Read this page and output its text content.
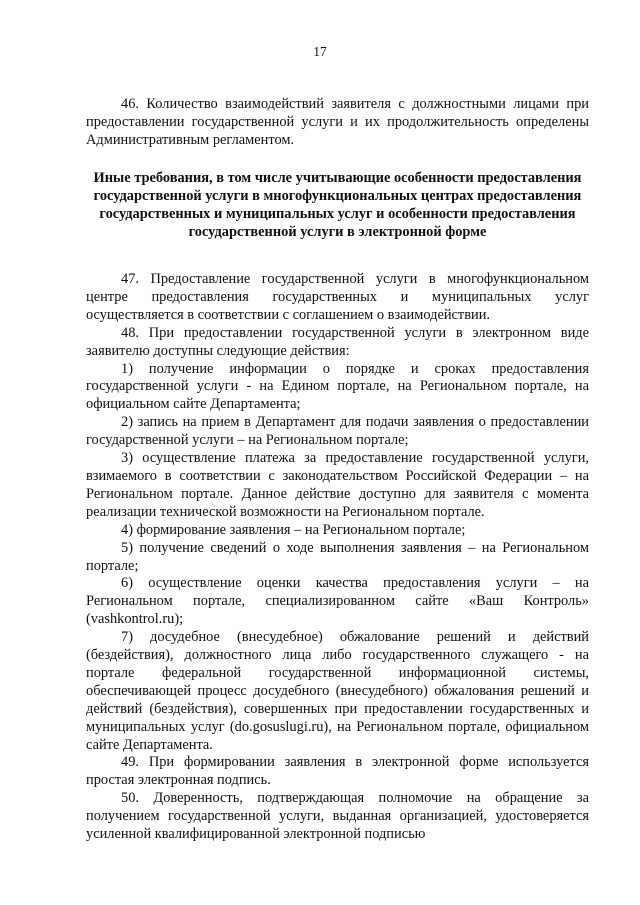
17

46. Количество взаимодействий заявителя с должностными лицами при предоставлении государственной услуги и их продолжительность определены Административным регламентом.

Иные требования, в том числе учитывающие особенности предоставления государственной услуги в многофункциональных центрах предоставления государственных и муниципальных услуг и особенности предоставления государственной услуги в электронной форме

47. Предоставление государственной услуги в многофункциональном центре предоставления государственных и муниципальных услуг осуществляется в соответствии с соглашением о взаимодействии.

48. При предоставлении государственной услуги в электронном виде заявителю доступны следующие действия:

1) получение информации о порядке и сроках предоставления государственной услуги - на Едином портале, на Региональном портале, на официальном сайте Департамента;

2) запись на прием в Департамент для подачи заявления о предоставлении государственной услуги – на Региональном портале;

3) осуществление платежа за предоставление государственной услуги, взимаемого в соответствии с законодательством Российской Федерации – на Региональном портале. Данное действие доступно для заявителя с момента реализации технической возможности на Региональном портале.

4) формирование заявления – на Региональном портале;

5) получение сведений о ходе выполнения заявления – на Региональном портале;

6) осуществление оценки качества предоставления услуги – на Региональном портале, специализированном сайте «Ваш Контроль» (vashkontrol.ru);

7) досудебное (внесудебное) обжалование решений и действий (бездействия), должностного лица либо государственного служащего - на портале федеральной государственной информационной системы, обеспечивающей процесс досудебного (внесудебного) обжалования решений и действий (бездействия), совершенных при предоставлении государственных и муниципальных услуг (do.gosuslugi.ru), на Региональном портале, официальном сайте Департамента.

49. При формировании заявления в электронной форме используется простая электронная подпись.

50. Доверенность, подтверждающая полномочие на обращение за получением государственной услуги, выданная организацией, удостоверяется усиленной квалифицированной электронной подписью
